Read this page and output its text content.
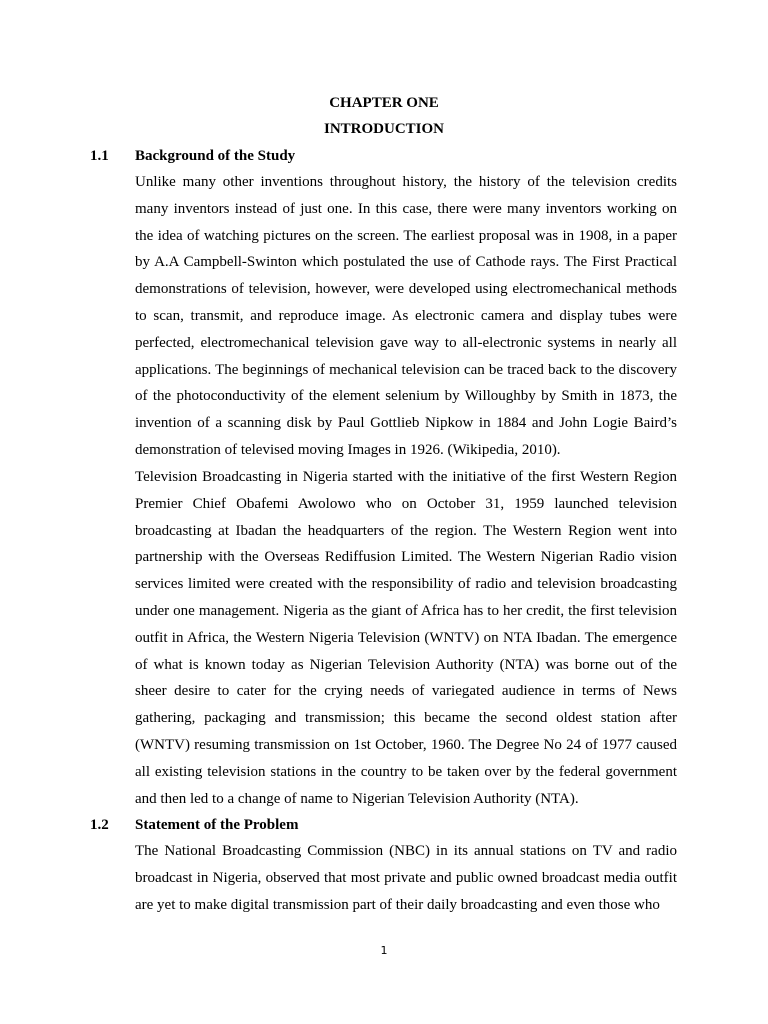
CHAPTER ONE
INTRODUCTION
1.1 Background of the Study

Unlike many other inventions throughout history, the history of the television credits many inventors instead of just one. In this case, there were many inventors working on the idea of watching pictures on the screen. The earliest proposal was in 1908, in a paper by A.A Campbell-Swinton which postulated the use of Cathode rays. The First Practical demonstrations of television, however, were developed using electromechanical methods to scan, transmit, and reproduce image. As electronic camera and display tubes were perfected, electromechanical television gave way to all-electronic systems in nearly all applications. The beginnings of mechanical television can be traced back to the discovery of the photoconductivity of the element selenium by Willoughby by Smith in 1873, the invention of a scanning disk by Paul Gottlieb Nipkow in 1884 and John Logie Baird’s demonstration of televised moving Images in 1926. (Wikipedia, 2010).

Television Broadcasting in Nigeria started with the initiative of the first Western Region Premier Chief Obafemi Awolowo who on October 31, 1959 launched television broadcasting at Ibadan the headquarters of the region. The Western Region went into partnership with the Overseas Rediffusion Limited. The Western Nigerian Radio vision services limited were created with the responsibility of radio and television broadcasting under one management. Nigeria as the giant of Africa has to her credit, the first television outfit in Africa, the Western Nigeria Television (WNTV) on NTA Ibadan. The emergence of what is known today as Nigerian Television Authority (NTA) was borne out of the sheer desire to cater for the crying needs of variegated audience in terms of News gathering, packaging and transmission; this became the second oldest station after (WNTV) resuming transmission on 1st October, 1960. The Degree No 24 of 1977 caused all existing television stations in the country to be taken over by the federal government and then led to a change of name to Nigerian Television Authority (NTA).

1.2 Statement of the Problem

The National Broadcasting Commission (NBC) in its annual stations on TV and radio broadcast in Nigeria, observed that most private and public owned broadcast media outfit are yet to make digital transmission part of their daily broadcasting and even those who

1
